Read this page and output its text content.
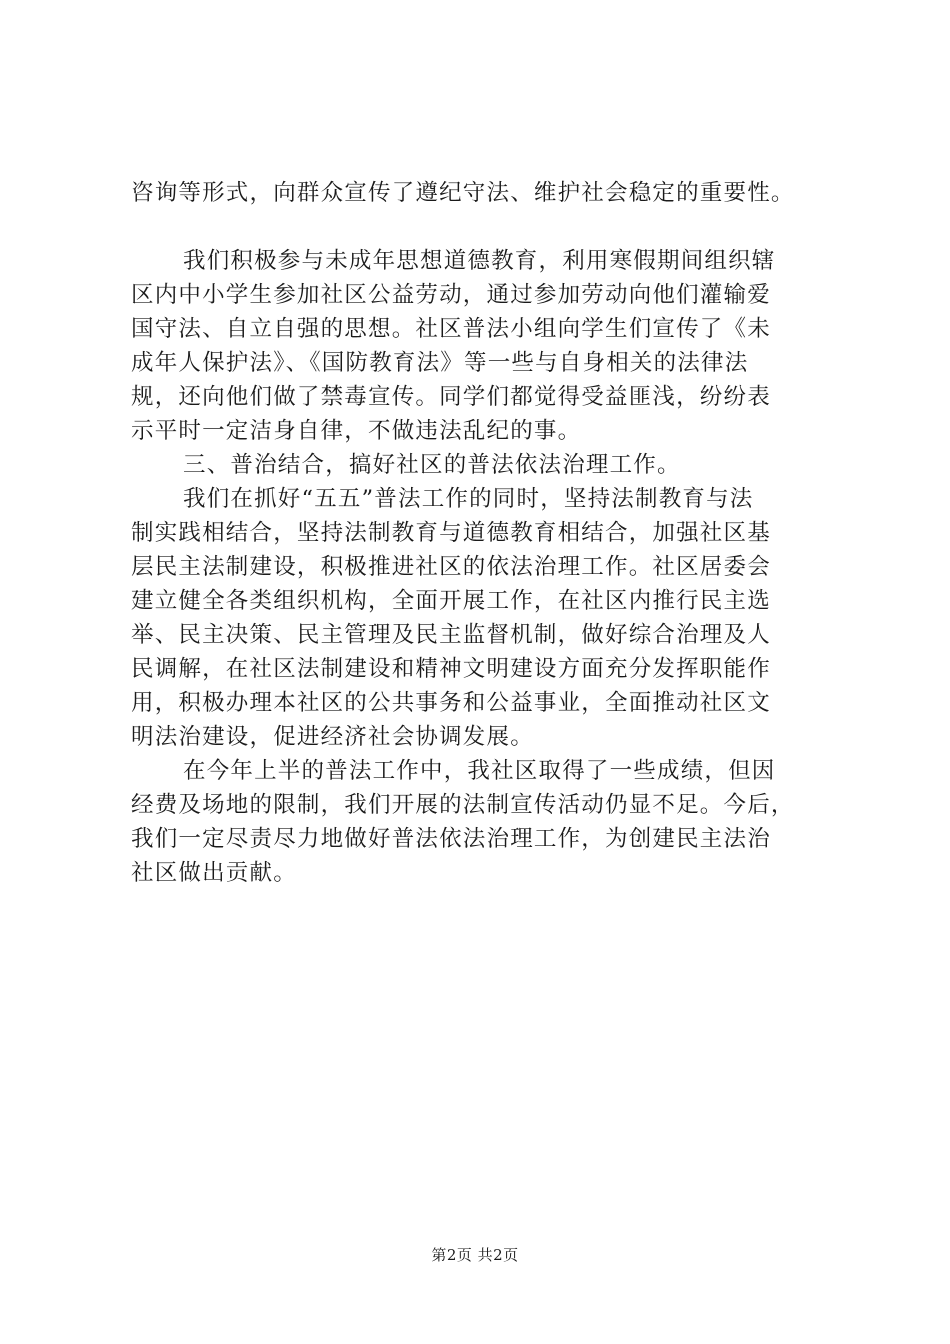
咨询等形式，向群众宣传了遵纪守法、维护社会稳定的重要性。
我们积极参与未成年思想道德教育，利用寒假期间组织辖
区内中小学生参加社区公益劳动，通过参加劳动向他们灌输爱
国守法、自立自强的思想。社区普法小组向学生们宣传了《未
成年人保护法》、《国防教育法》等一些与自身相关的法律法
规，还向他们做了禁毒宣传。同学们都觉得受益匪浅，纷纷表
示平时一定洁身自律，不做违法乱纪的事。
三、普治结合，搞好社区的普法依法治理工作。
我们在抓好“五五”普法工作的同时，坚持法制教育与法
制实践相结合，坚持法制教育与道德教育相结合，加强社区基
层民主法制建设，积极推进社区的依法治理工作。社区居委会
建立健全各类组织机构，全面开展工作，在社区内推行民主选
举、民主决策、民主管理及民主监督机制，做好综合治理及人
民调解，在社区法制建设和精神文明建设方面充分发挥职能作
用，积极办理本社区的公共事务和公益事业，全面推动社区文
明法治建设，促进经济社会协调发展。
在今年上半的普法工作中，我社区取得了一些成绩，但因
经费及场地的限制，我们开展的法制宣传活动仍显不足。今后，
我们一定尽责尽力地做好普法依法治理工作，为创建民主法治
社区做出贡献。
第2页 共2页
